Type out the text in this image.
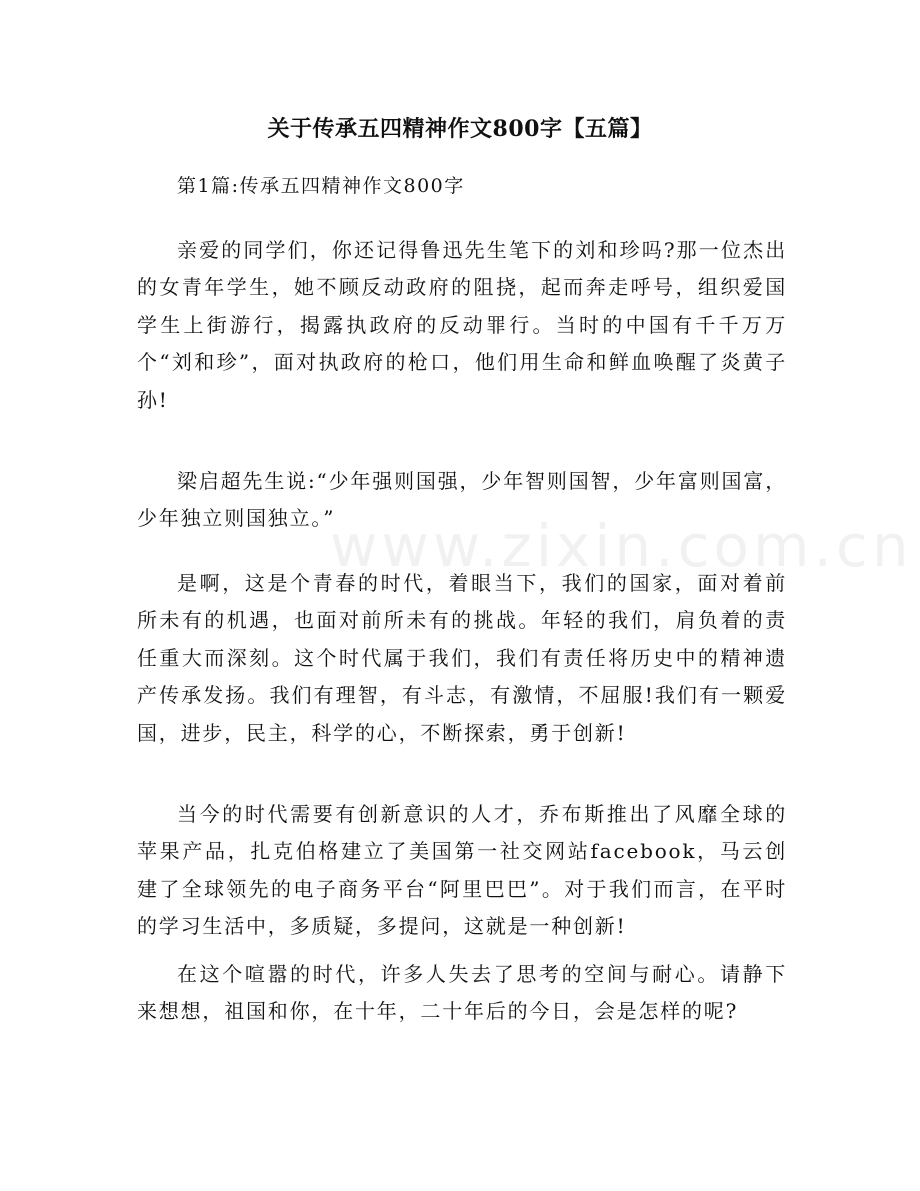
www.zixin.com.cn
关于传承五四精神作文800字【五篇】
第1篇:传承五四精神作文800字

亲爱的同学们，你还记得鲁迅先生笔下的刘和珍吗?那一位杰出的女青年学生，她不顾反动政府的阻挠，起而奔走呼号，组织爱国学生上街游行，揭露执政府的反动罪行。当时的中国有千千万万个“刘和珍”，面对执政府的枪口，他们用生命和鲜血唤醒了炎黄子孙!

梁启超先生说:“少年强则国强，少年智则国智，少年富则国富，少年独立则国独立。”

是啊，这是个青春的时代，着眼当下，我们的国家，面对着前所未有的机遇，也面对前所未有的挑战。年轻的我们，肩负着的责任重大而深刻。这个时代属于我们，我们有责任将历史中的精神遗产传承发扬。我们有理智，有斗志，有激情，不屈服!我们有一颗爱国，进步，民主，科学的心，不断探索，勇于创新!

当今的时代需要有创新意识的人才，乔布斯推出了风靡全球的苹果产品，扎克伯格建立了美国第一社交网站facebook，马云创建了全球领先的电子商务平台“阿里巴巴”。对于我们而言，在平时的学习生活中，多质疑，多提问，这就是一种创新!

在这个喧嚣的时代，许多人失去了思考的空间与耐心。请静下来想想，祖国和你，在十年，二十年后的今日，会是怎样的呢?
